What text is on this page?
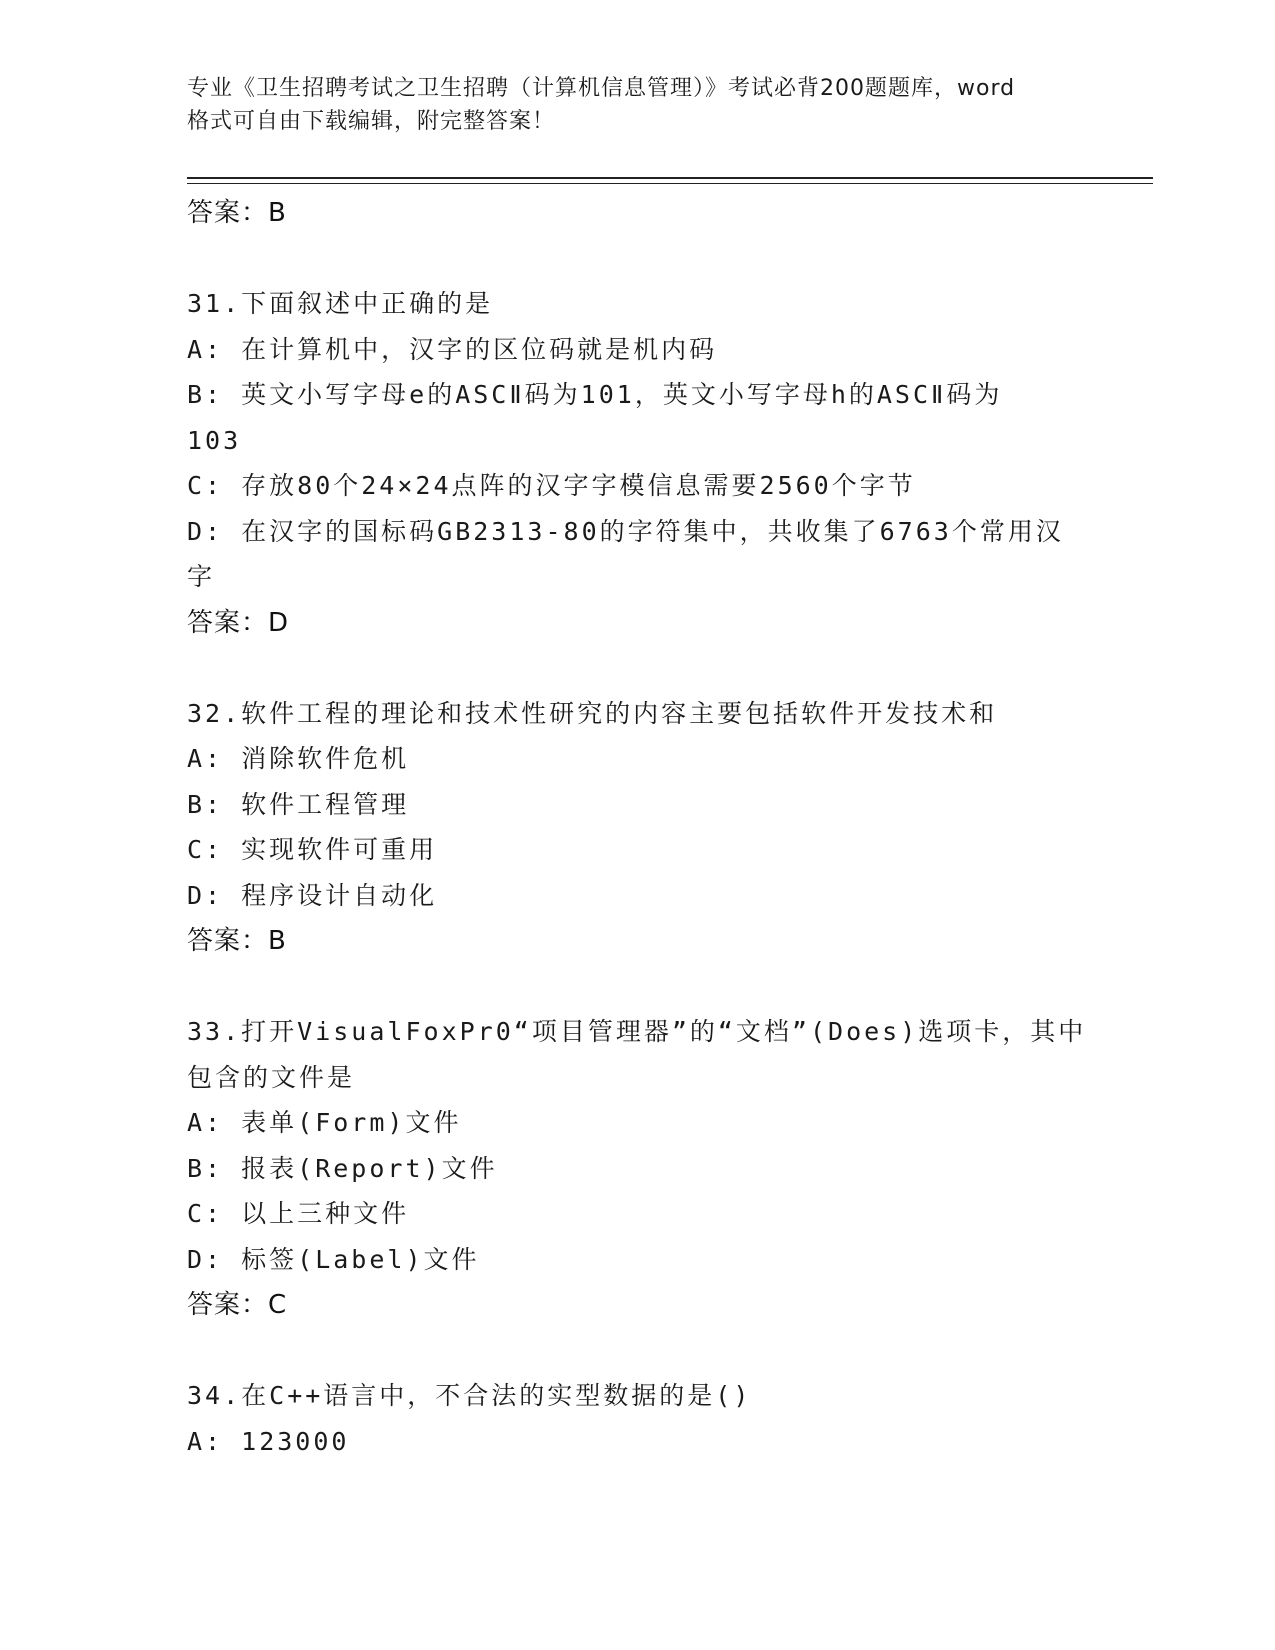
专业《卫生招聘考试之卫生招聘（计算机信息管理）》考试必背200题题库，word
格式可自由下载编辑，附完整答案！
答案：B
31.下面叙述中正确的是
A: 在计算机中，汉字的区位码就是机内码
B: 英文小写字母e的ASCⅡ码为101，英文小写字母h的ASCⅡ码为
103
C: 存放80个24×24点阵的汉字字模信息需要2560个字节
D: 在汉字的国标码GB2313-80的字符集中，共收集了6763个常用汉
字
答案：D
32.软件工程的理论和技术性研究的内容主要包括软件开发技术和
A: 消除软件危机
B: 软件工程管理
C: 实现软件可重用
D: 程序设计自动化
答案：B
33.打开VisualFoxPr0“项目管理器”的“文档”(Does)选项卡，其中
包含的文件是
A: 表单(Form)文件
B: 报表(Report)文件
C: 以上三种文件
D: 标签(Label)文件
答案：C
34.在C++语言中，不合法的实型数据的是()
A: 123000
